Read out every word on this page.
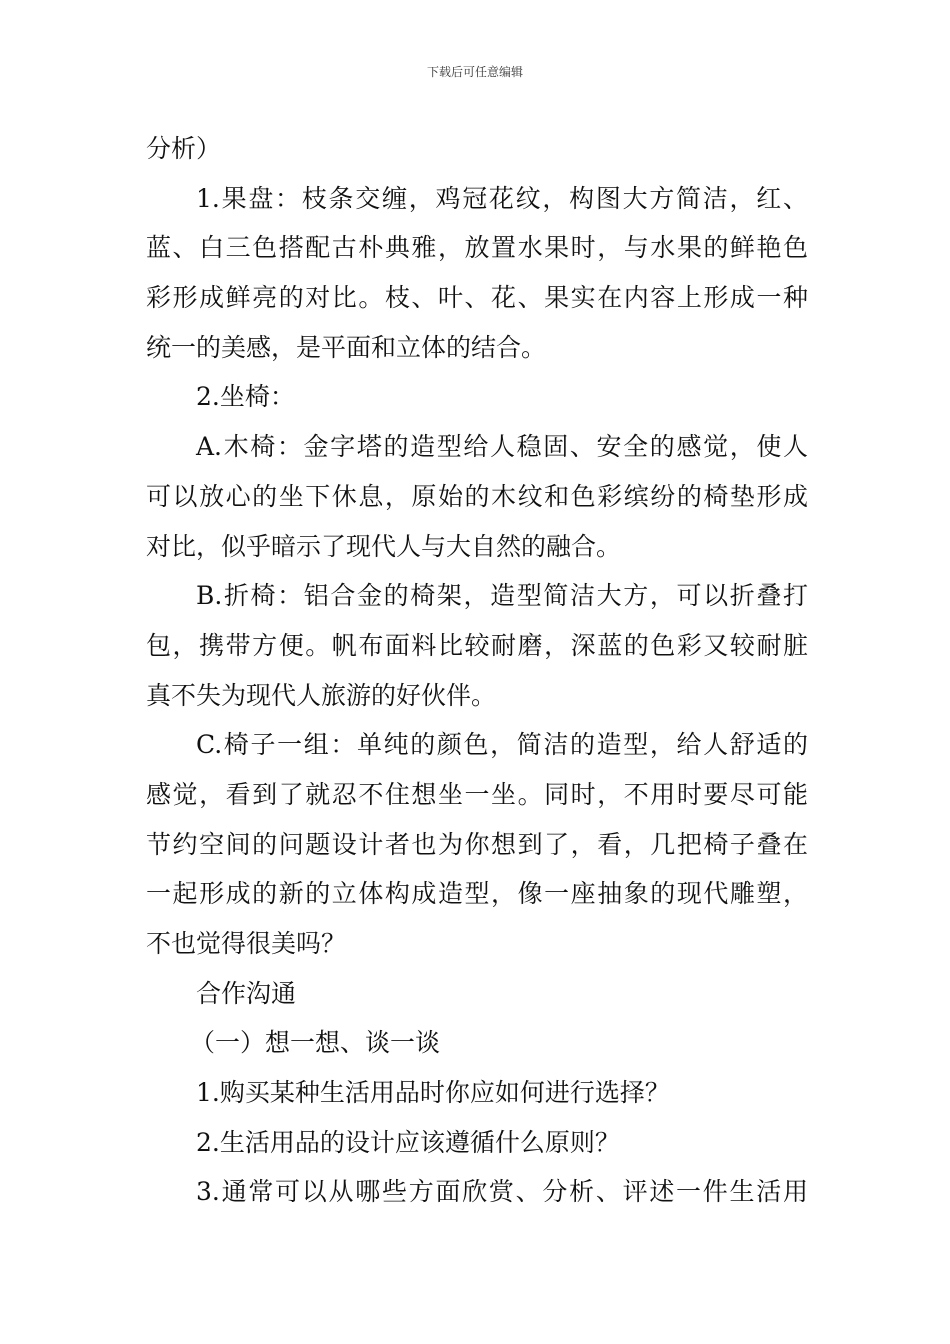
下载后可任意编辑
分析）
1.果盘：枝条交缠，鸡冠花纹，构图大方简洁，红、
蓝、白三色搭配古朴典雅，放置水果时，与水果的鲜艳色
彩形成鲜亮的对比。枝、叶、花、果实在内容上形成一种
统一的美感，是平面和立体的结合。
2.坐椅：
A.木椅：金字塔的造型给人稳固、安全的感觉，使人
可以放心的坐下休息，原始的木纹和色彩缤纷的椅垫形成
对比，似乎暗示了现代人与大自然的融合。
B.折椅：铝合金的椅架，造型简洁大方，可以折叠打
包，携带方便。帆布面料比较耐磨，深蓝的色彩又较耐脏
真不失为现代人旅游的好伙伴。
C.椅子一组：单纯的颜色，简洁的造型，给人舒适的
感觉，看到了就忍不住想坐一坐。同时，不用时要尽可能
节约空间的问题设计者也为你想到了，看，几把椅子叠在
一起形成的新的立体构成造型，像一座抽象的现代雕塑，
不也觉得很美吗？
合作沟通
（一）想一想、谈一谈
1.购买某种生活用品时你应如何进行选择？
2.生活用品的设计应该遵循什么原则？
3.通常可以从哪些方面欣赏、分析、评述一件生活用
